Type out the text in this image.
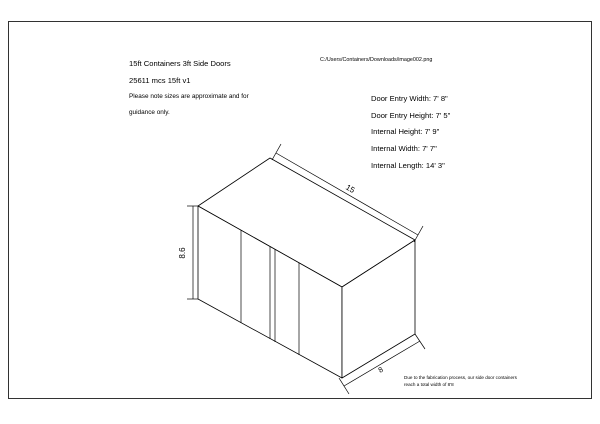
15ft Containers 3ft Side Doors
25611 mcs 15ft v1
Please note sizes are approximate and for
guidance only.
C:/Users/Containers/Downloads/image002.png
Door Entry Width: 7' 8"
Door Entry Height: 7' 5"
Internal Height: 7' 9"
Internal Width: 7' 7"
Internal Length: 14' 3"
Due to the fabrication process, our side door containers
reach a total width of 8'8
15
8.6
8
